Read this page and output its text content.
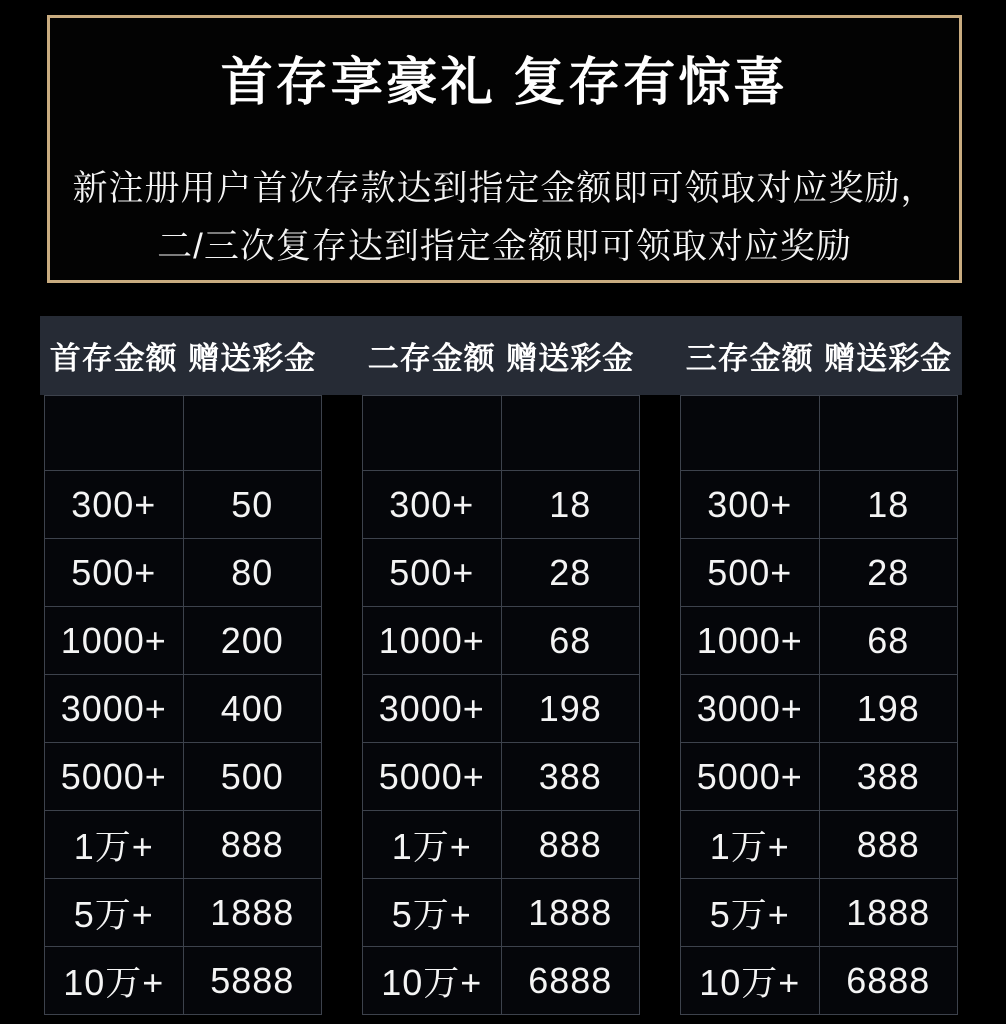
首存享豪礼 复存有惊喜
新注册用户首次存款达到指定金额即可领取对应奖励，
二/三次复存达到指定金额即可领取对应奖励
首存金额	赠送彩金

300+	50
500+	80
1000+	200
3000+	400
5000+	500
1万+	888
5万+	1888
10万+	5888
二存金额	赠送彩金

300+	18
500+	28
1000+	68
3000+	198
5000+	388
1万+	888
5万+	1888
10万+	6888
三存金额	赠送彩金

300+	18
500+	28
1000+	68
3000+	198
5000+	388
1万+	888
5万+	1888
10万+	6888
